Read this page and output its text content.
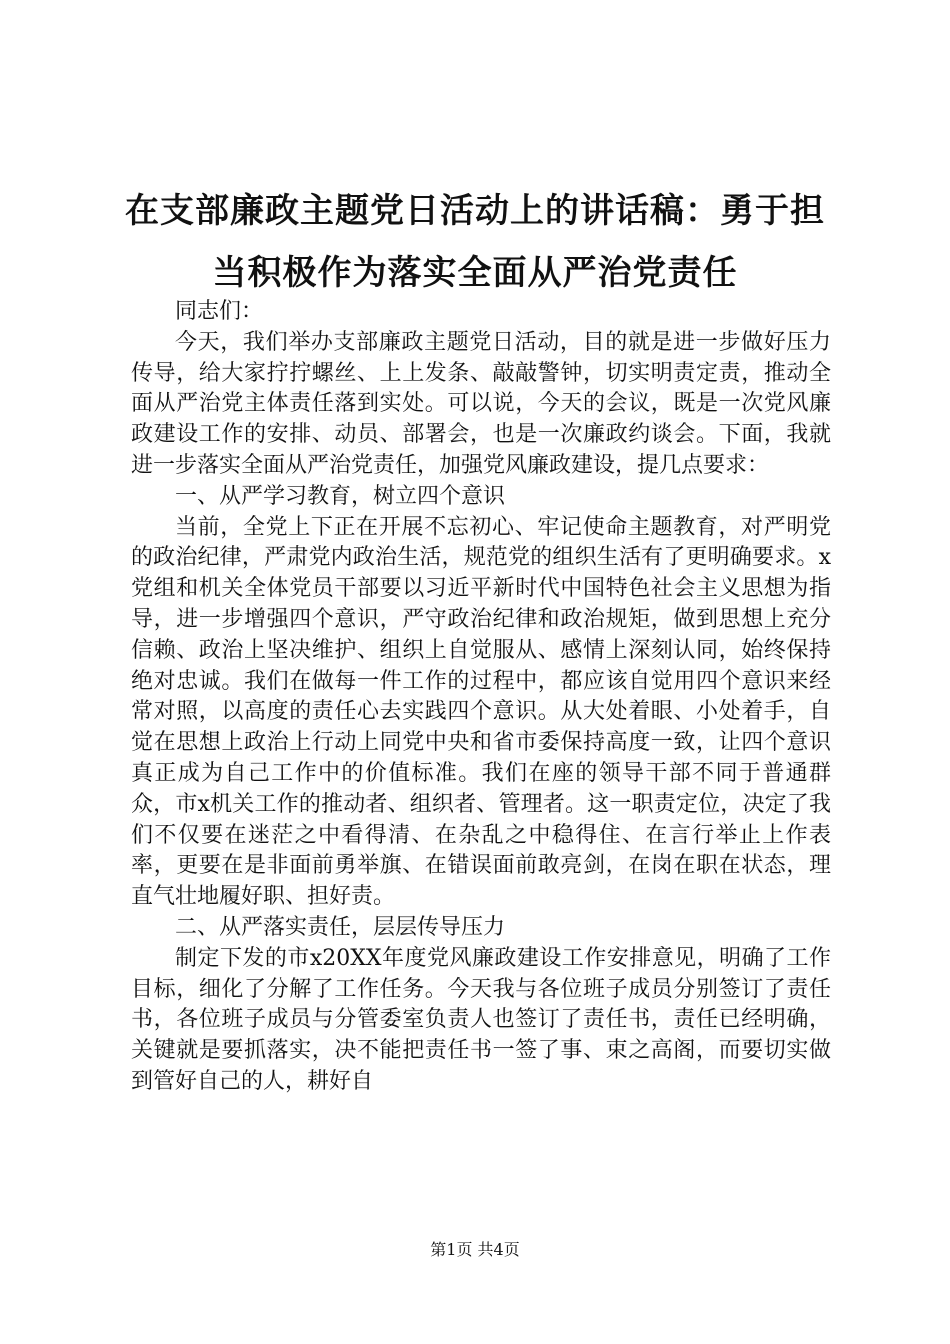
在支部廉政主题党日活动上的讲话稿：勇于担
当积极作为落实全面从严治党责任

同志们：

今天，我们举办支部廉政主题党日活动，目的就是进一步做好压力传导，给大家拧拧螺丝、上上发条、敲敲警钟，切实明责定责，推动全面从严治党主体责任落到实处。可以说，今天的会议，既是一次党风廉政建设工作的安排、动员、部署会，也是一次廉政约谈会。下面，我就进一步落实全面从严治党责任，加强党风廉政建设，提几点要求：

一、从严学习教育，树立四个意识

当前，全党上下正在开展不忘初心、牢记使命主题教育，对严明党的政治纪律，严肃党内政治生活，规范党的组织生活有了更明确要求。x党组和机关全体党员干部要以习近平新时代中国特色社会主义思想为指导，进一步增强四个意识，严守政治纪律和政治规矩，做到思想上充分信赖、政治上坚决维护、组织上自觉服从、感情上深刻认同，始终保持绝对忠诚。我们在做每一件工作的过程中，都应该自觉用四个意识来经常对照，以高度的责任心去实践四个意识。从大处着眼、小处着手，自觉在思想上政治上行动上同党中央和省市委保持高度一致，让四个意识真正成为自己工作中的价值标准。我们在座的领导干部不同于普通群众，市x机关工作的推动者、组织者、管理者。这一职责定位，决定了我们不仅要在迷茫之中看得清、在杂乱之中稳得住、在言行举止上作表率，更要在是非面前勇举旗、在错误面前敢亮剑，在岗在职在状态，理直气壮地履好职、担好责。

二、从严落实责任，层层传导压力

制定下发的市x20XX年度党风廉政建设工作安排意见，明确了工作目标，细化了分解了工作任务。今天我与各位班子成员分别签订了责任书，各位班子成员与分管委室负责人也签订了责任书，责任已经明确，关键就是要抓落实，决不能把责任书一签了事、束之高阁，而要切实做到管好自己的人，耕好自

第1页 共4页
